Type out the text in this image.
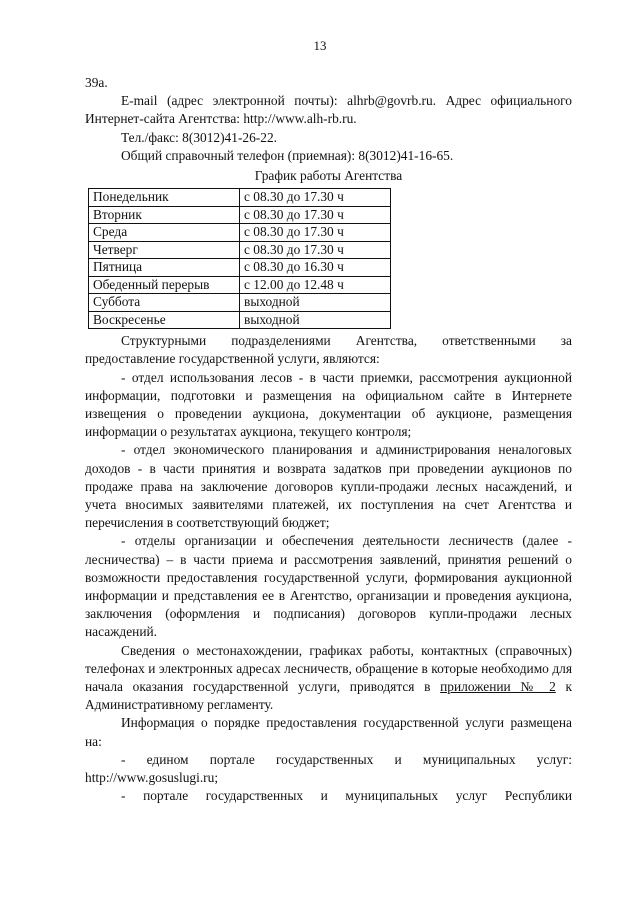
13

39а.

E-mail (адрес электронной почты): alhrb@govrb.ru. Адрес официального Интернет-сайта Агентства: http://www.alh-rb.ru.

Тел./факс: 8(3012)41-26-22.

Общий справочный телефон (приемная): 8(3012)41-16-65.

График работы Агентства

Понедельник	с 08.30 до 17.30 ч
Вторник	с 08.30 до 17.30 ч
Среда	с 08.30 до 17.30 ч
Четверг	с 08.30 до 17.30 ч
Пятница	с 08.30 до 16.30 ч
Обеденный перерыв	с 12.00 до 12.48 ч
Суббота	выходной
Воскресенье	выходной

Структурными подразделениями Агентства, ответственными за предоставление государственной услуги, являются:

- отдел использования лесов - в части приемки, рассмотрения аукционной информации, подготовки и размещения на официальном сайте в Интернете извещения о проведении аукциона, документации об аукционе, размещения информации о результатах аукциона, текущего контроля;

- отдел экономического планирования и администрирования неналоговых доходов - в части принятия и возврата задатков при проведении аукционов по продаже права на заключение договоров купли-продажи лесных насаждений, и учета вносимых заявителями платежей, их поступления на счет Агентства и перечисления в соответствующий бюджет;

- отделы организации и обеспечения деятельности лесничеств (далее - лесничества) – в части приема и рассмотрения заявлений, принятия решений о возможности предоставления государственной услуги, формирования аукционной информации и представления ее в Агентство, организации и проведения аукциона, заключения (оформления и подписания) договоров купли-продажи лесных насаждений.

Сведения о местонахождении, графиках работы, контактных (справочных) телефонах и электронных адресах лесничеств, обращение в которые необходимо для начала оказания государственной услуги, приводятся в приложении № 2 к Административному регламенту.

Информация о порядке предоставления государственной услуги размещена на:

- едином портале государственных и муниципальных услуг: http://www.gosuslugi.ru;

- портале государственных и муниципальных услуг Республики
